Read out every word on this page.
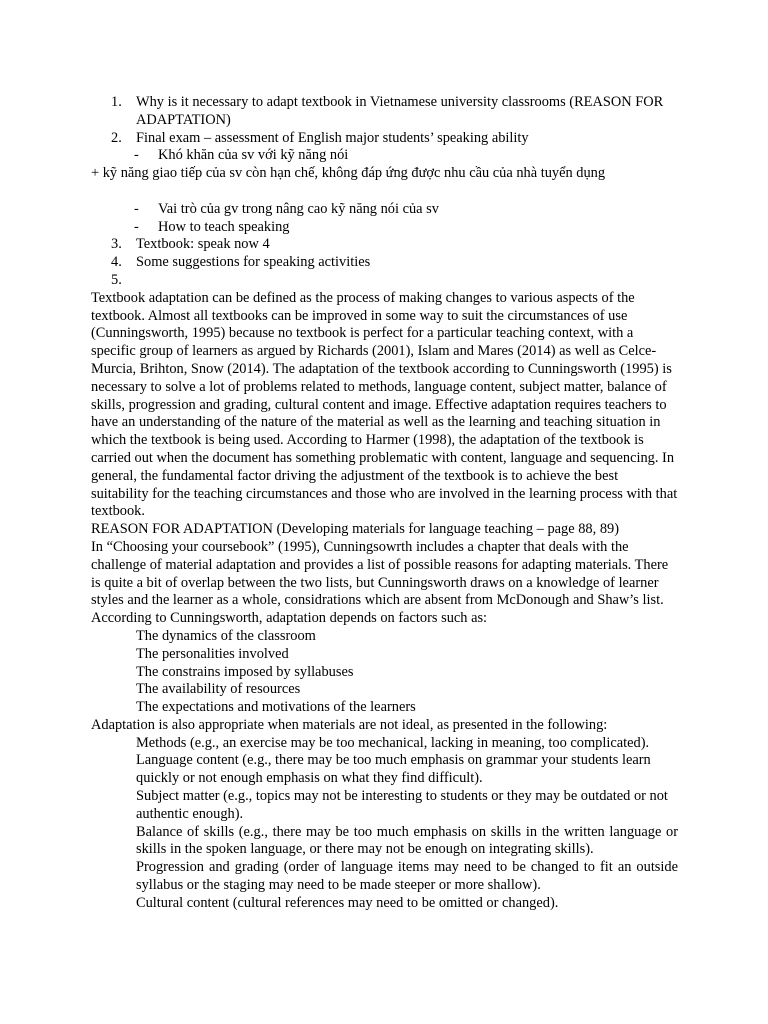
1. Why is it necessary to adapt textbook in Vietnamese university classrooms (REASON FOR ADAPTATION)
2. Final exam – assessment of English major students’ speaking ability
- Khó khăn của sv với kỹ năng nói
+ kỹ năng giao tiếp của sv còn hạn chế, không đáp ứng được nhu cầu của nhà tuyển dụng
- Vai trò của gv trong nâng cao kỹ năng nói của sv
- How to teach speaking
3. Textbook: speak now 4
4. Some suggestions for speaking activities
5.
Textbook adaptation can be defined as the process of making changes to various aspects of the textbook. Almost all textbooks can be improved in some way to suit the circumstances of use (Cunningsworth, 1995) because no textbook is perfect for a particular teaching context, with a specific group of learners as argued by Richards (2001), Islam and Mares (2014) as well as Celce-Murcia, Brihton, Snow (2014). The adaptation of the textbook according to Cunningsworth (1995) is necessary to solve a lot of problems related to methods, language content, subject matter, balance of skills, progression and grading, cultural content and image. Effective adaptation requires teachers to have an understanding of the nature of the material as well as the learning and teaching situation in which the textbook is being used. According to Harmer (1998), the adaptation of the textbook is carried out when the document has something problematic with content, language and sequencing. In general, the fundamental factor driving the adjustment of the textbook is to achieve the best suitability for the teaching circumstances and those who are involved in the learning process with that textbook.
REASON FOR ADAPTATION (Developing materials for language teaching – page 88, 89)
In “Choosing your coursebook” (1995), Cunningsowrth includes a chapter that deals with the challenge of material adaptation and provides a list of possible reasons for adapting materials. There is quite a bit of overlap between the two lists, but Cunningsworth draws on a knowledge of learner styles and the learner as a whole, considrations which are absent from McDonough and Shaw’s list. According to Cunningsworth, adaptation depends on factors such as:
The dynamics of the classroom
The personalities involved
The constrains imposed by syllabuses
The availability of resources
The expectations and motivations of the learners
Adaptation is also appropriate when materials are not ideal, as presented in the following:
Methods (e.g., an exercise may be too mechanical, lacking in meaning, too complicated).
Language content (e.g., there may be too much emphasis on grammar your students learn quickly or not enough emphasis on what they find difficult).
Subject matter (e.g., topics may not be interesting to students or they may be outdated or not authentic enough).
Balance of skills (e.g., there may be too much emphasis on skills in the written language or skills in the spoken language, or there may not be enough on integrating skills).
Progression and grading (order of language items may need to be changed to fit an outside syllabus or the staging may need to be made steeper or more shallow).
Cultural content (cultural references may need to be omitted or changed).
